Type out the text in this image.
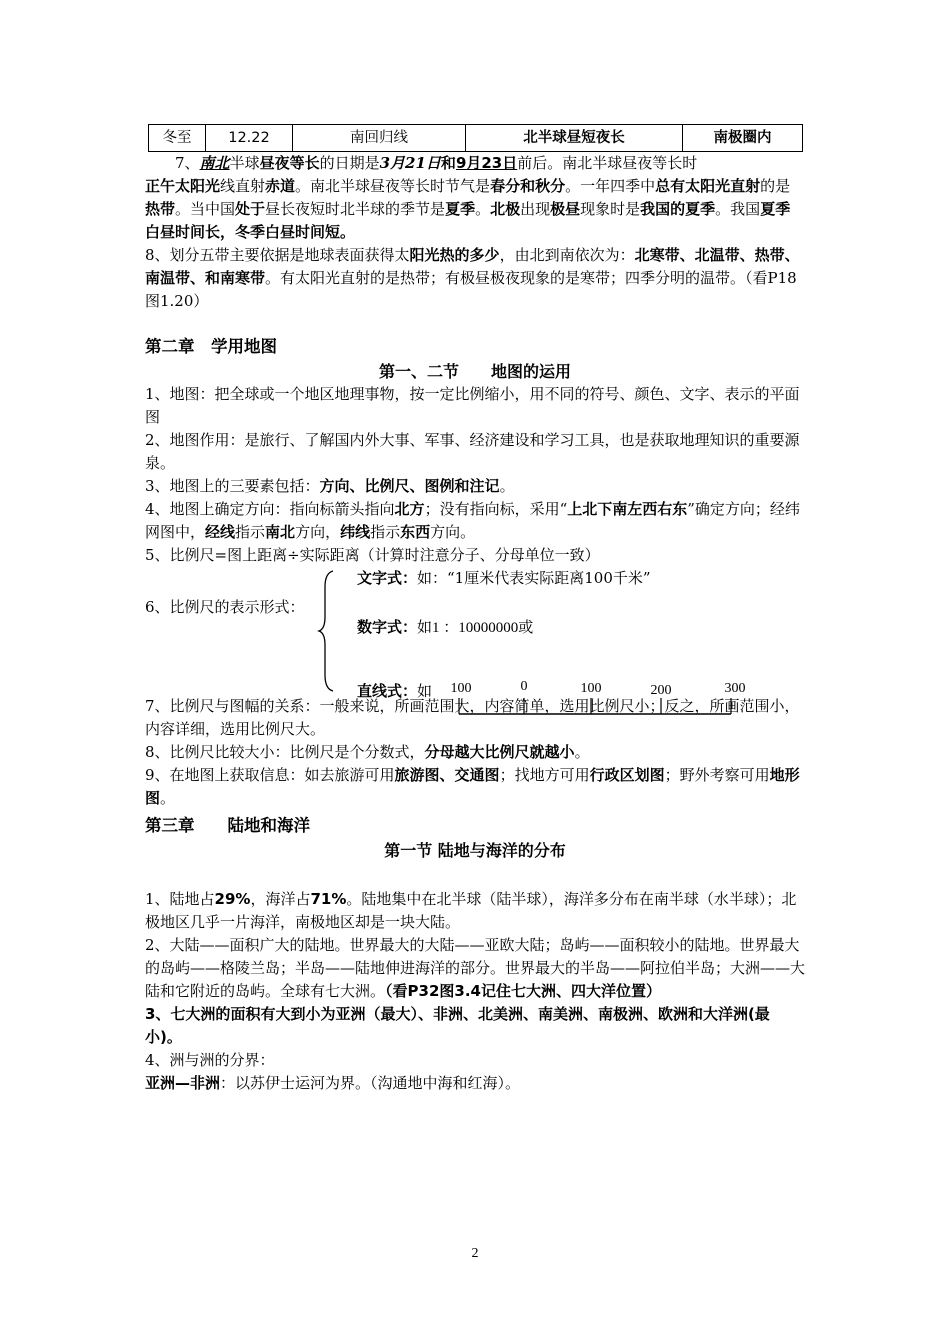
冬至	12.22	南回归线	北半球昼短夜长	南极圈内

7、南北半球昼夜等长的日期是3月21日和9月23日前后。南北半球昼夜等长时

正午太阳光线直射赤道。南北半球昼夜等长时节气是春分和秋分。一年四季中总有太阳光直射的是热带。当中国处于昼长夜短时北半球的季节是夏季。北极出现极昼现象时是我国的夏季。我国夏季白昼时间长，冬季白昼时间短。

8、划分五带主要依据是地球表面获得太阳光热的多少，由北到南依次为：北寒带、北温带、热带、南温带、和南寒带。有太阳光直射的是热带；有极昼极夜现象的是寒带；四季分明的温带。（看P18图1.20）

第二章　学用地图
第一、二节　　地图的运用

1、地图：把全球或一个地区地理事物，按一定比例缩小，用不同的符号、颜色、文字、表示的平面图

2、地图作用：是旅行、了解国内外大事、军事、经济建设和学习工具，也是获取地理知识的重要源泉。

3、地图上的三要素包括：方向、比例尺、图例和注记。

4、地图上确定方向：指向标箭头指向北方；没有指向标，采用“上北下南左西右东”确定方向；经纬网图中，经线指示南北方向，纬线指示东西方向。

5、比例尺=图上距离÷实际距离（计算时注意分子、分母单位一致）

6、比例尺的表示形式：
文字式：如：“1厘米代表实际距离100千米”
数字式：如1 ：10000000或
直线式：如 100	0	100	200	300

7、比例尺与图幅的关系：一般来说，所画范围大，内容简单，选用比例尺小；反之，所画范围小，内容详细，选用比例尺大。

8、比例尺比较大小：比例尺是个分数式，分母越大比例尺就越小。

9、在地图上获取信息：如去旅游可用旅游图、交通图；找地方可用行政区划图；野外考察可用地形图。

第三章　　陆地和海洋
第一节 陆地与海洋的分布

1、陆地占29%，海洋占71%。陆地集中在北半球（陆半球），海洋多分布在南半球（水半球）；北极地区几乎一片海洋，南极地区却是一块大陆。

2、大陆——面积广大的陆地。世界最大的大陆——亚欧大陆；岛屿——面积较小的陆地。世界最大的岛屿——格陵兰岛；半岛——陆地伸进海洋的部分。世界最大的半岛——阿拉伯半岛；大洲——大陆和它附近的岛屿。全球有七大洲。（看P32图3.4记住七大洲、四大洋位置）

3、七大洲的面积有大到小为亚洲（最大）、非洲、北美洲、南美洲、南极洲、欧洲和大洋洲(最小)。

4、洲与洲的分界：

亚洲—非洲：以苏伊士运河为界。（沟通地中海和红海）。

2
